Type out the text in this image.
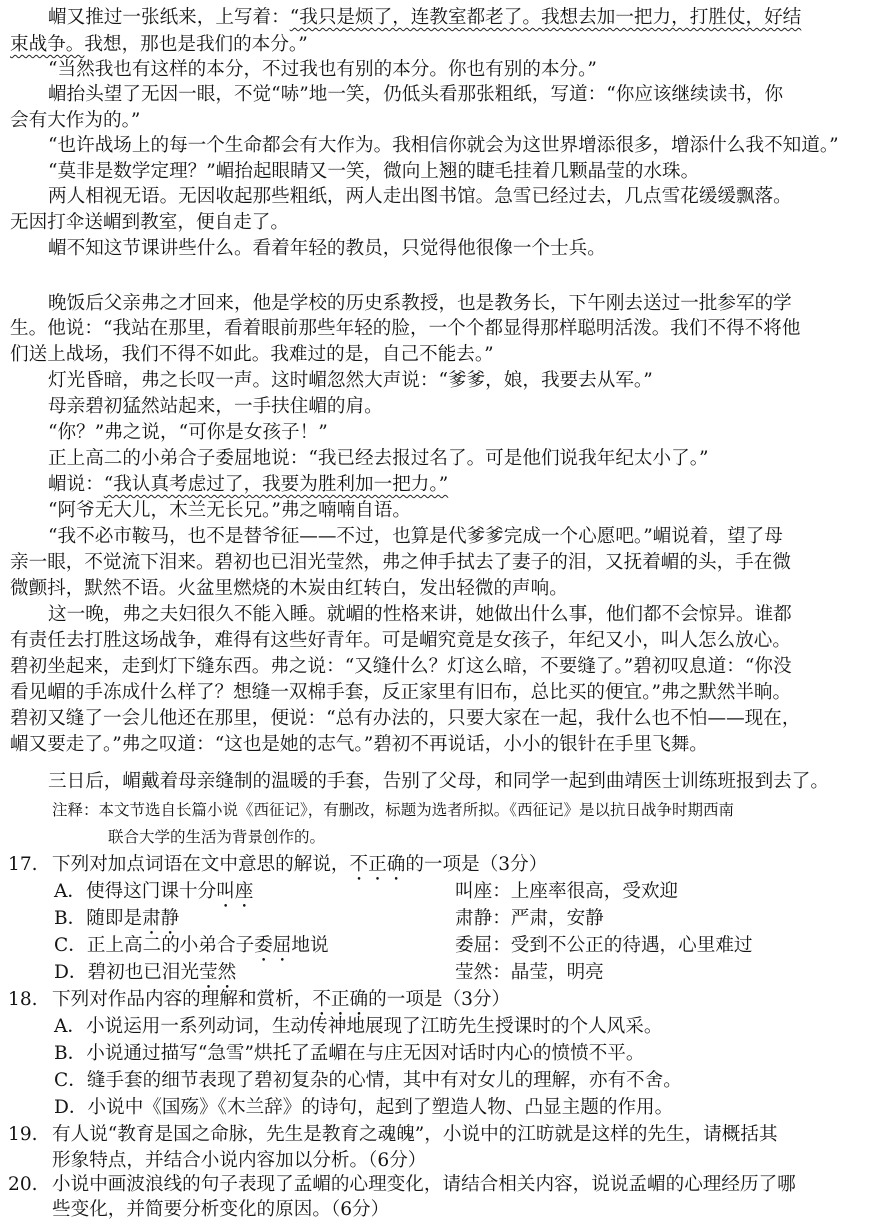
嵋又推过一张纸来，上写着：“我只是烦了，连教室都老了。我想去加一把力，打胜仗，好结
束战争。我想，那也是我们的本分。”
“当然我也有这样的本分，不过我也有别的本分。你也有别的本分。”
嵋抬头望了无因一眼，不觉“哧”地一笑，仍低头看那张粗纸，写道：“你应该继续读书，你
会有大作为的。”
“也许战场上的每一个生命都会有大作为。我相信你就会为这世界增添很多，增添什么我不知道。”
“莫非是数学定理？”嵋抬起眼睛又一笑，微向上翘的睫毛挂着几颗晶莹的水珠。
两人相视无语。无因收起那些粗纸，两人走出图书馆。急雪已经过去，几点雪花缓缓飘落。
无因打伞送嵋到教室，便自走了。
嵋不知这节课讲些什么。看着年轻的教员，只觉得他很像一个士兵。
晚饭后父亲弗之才回来，他是学校的历史系教授，也是教务长，下午刚去送过一批参军的学
生。他说：“我站在那里，看着眼前那些年轻的脸，一个个都显得那样聪明活泼。我们不得不将他
们送上战场，我们不得不如此。我难过的是，自己不能去。”
灯光昏暗，弗之长叹一声。这时嵋忽然大声说：“爹爹，娘，我要去从军。”
母亲碧初猛然站起来，一手扶住嵋的肩。
“你？”弗之说，“可你是女孩子！”
正上高二的小弟合子委屈地说：“我已经去报过名了。可是他们说我年纪太小了。”
嵋说：“我认真考虑过了，我要为胜利加一把力。”
“阿爷无大儿，木兰无长兄。”弗之喃喃自语。
“我不必市鞍马，也不是替爷征——不过，也算是代爹爹完成一个心愿吧。”嵋说着，望了母
亲一眼，不觉流下泪来。碧初也已泪光莹然，弗之伸手拭去了妻子的泪，又抚着嵋的头，手在微
微颤抖，默然不语。火盆里燃烧的木炭由红转白，发出轻微的声响。
这一晚，弗之夫妇很久不能入睡。就嵋的性格来讲，她做出什么事，他们都不会惊异。谁都
有责任去打胜这场战争，难得有这些好青年。可是嵋究竟是女孩子，年纪又小，叫人怎么放心。
碧初坐起来，走到灯下缝东西。弗之说：“又缝什么？灯这么暗，不要缝了。”碧初叹息道：“你没
看见嵋的手冻成什么样了？想缝一双棉手套，反正家里有旧布，总比买的便宜。”弗之默然半晌。
碧初又缝了一会儿他还在那里，便说：“总有办法的，只要大家在一起，我什么也不怕——现在，
嵋又要走了。”弗之叹道：“这也是她的志气。”碧初不再说话，小小的银针在手里飞舞。
三日后，嵋戴着母亲缝制的温暖的手套，告别了父母，和同学一起到曲靖医士训练班报到去了。
注释：本文节选自长篇小说《西征记》，有删改，标题为选者所拟。《西征记》是以抗日战争时期西南
联合大学的生活为背景创作的。
17. 下列对加点词语在文中意思的解说，不正确的一项是（3分）
A．使得这门课十分叫座	叫座：上座率很高，受欢迎
B．随即是肃静	肃静：严肃，安静
C．正上高二的小弟合子委屈地说	委屈：受到不公正的待遇，心里难过
D．碧初也已泪光莹然	莹然：晶莹，明亮
18. 下列对作品内容的理解和赏析，不正确的一项是（3分）
A．小说运用一系列动词，生动传神地展现了江昉先生授课时的个人风采。
B．小说通过描写“急雪”烘托了孟嵋在与庄无因对话时内心的愤愤不平。
C．缝手套的细节表现了碧初复杂的心情，其中有对女儿的理解，亦有不舍。
D．小说中《国殇》《木兰辞》的诗句，起到了塑造人物、凸显主题的作用。
19. 有人说“教育是国之命脉，先生是教育之魂魄”，小说中的江昉就是这样的先生，请概括其
形象特点，并结合小说内容加以分析。（6分）
20. 小说中画波浪线的句子表现了孟嵋的心理变化，请结合相关内容，说说孟嵋的心理经历了哪
些变化，并简要分析变化的原因。（6分）
